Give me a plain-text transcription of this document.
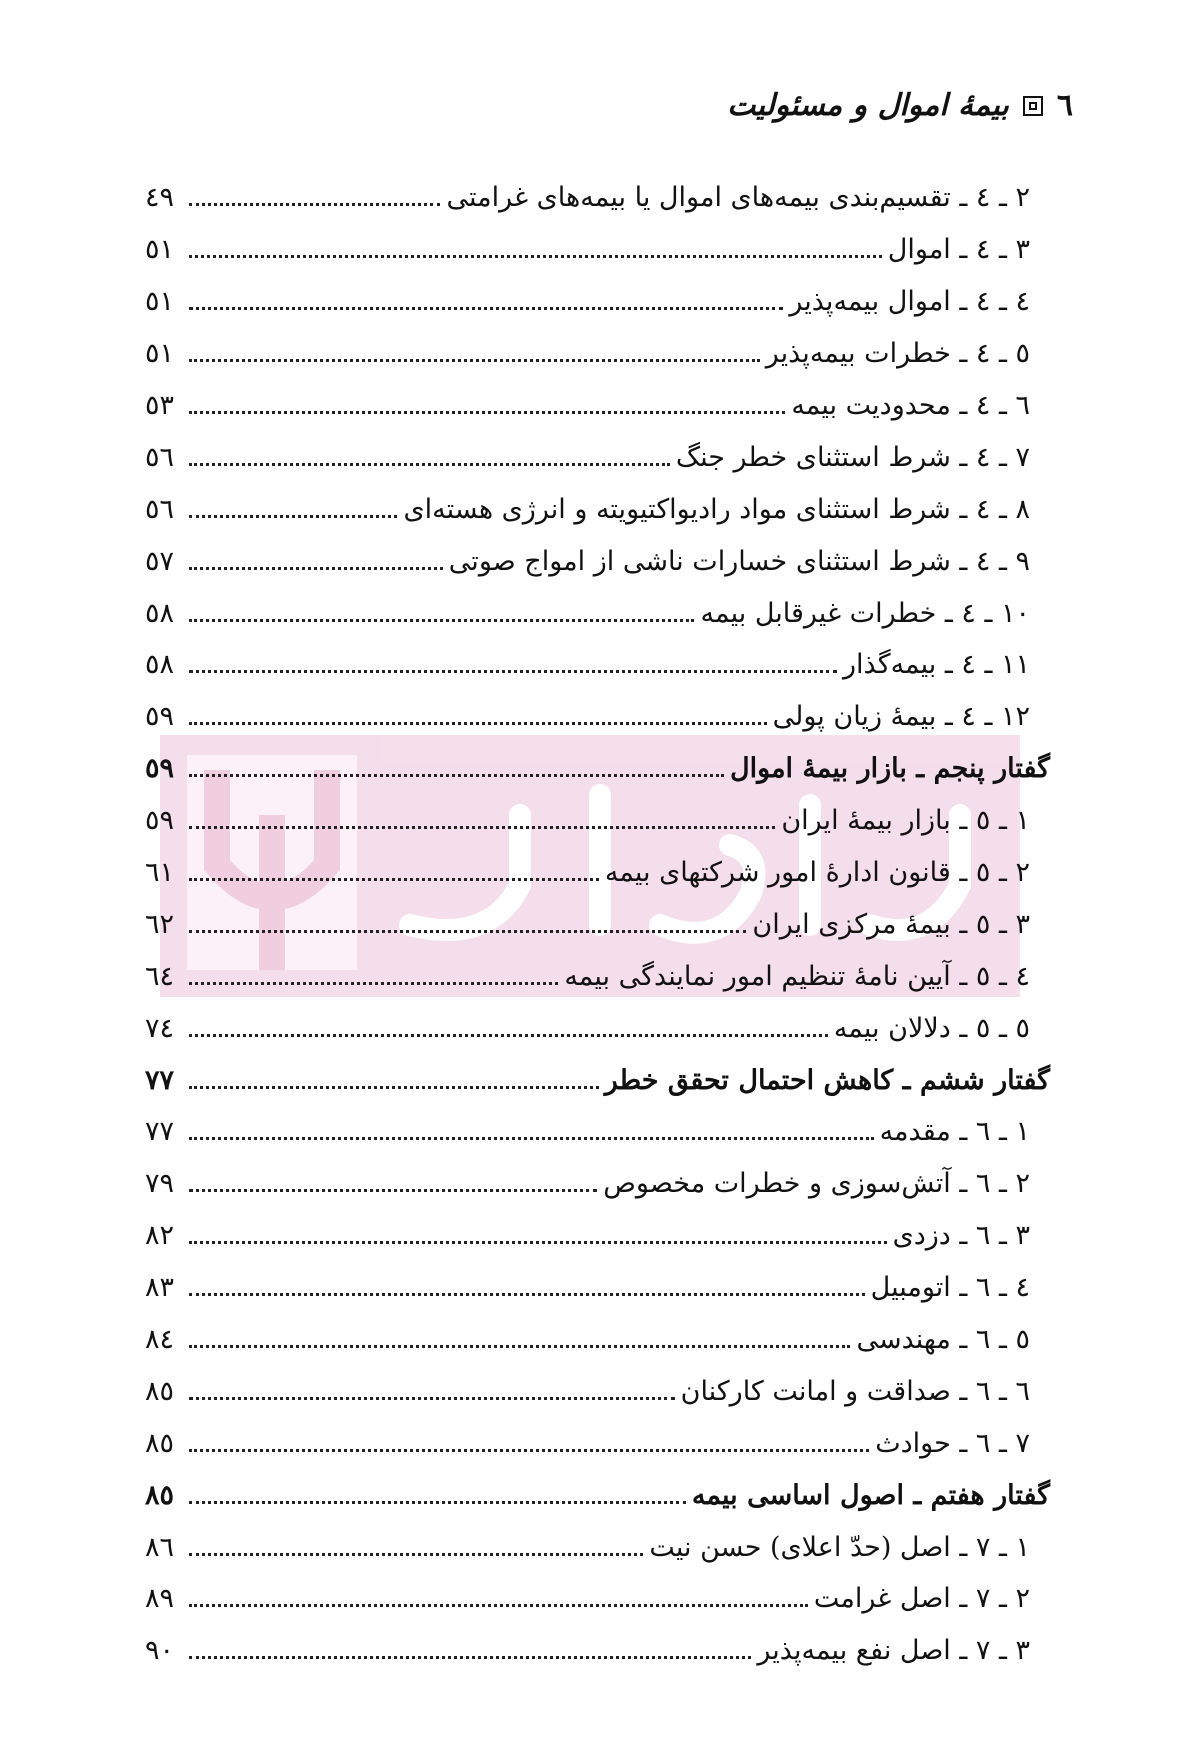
٦
بیمهٔ اموال و مسئولیت
۲ ـ ٤ ـ تقسیم‌بندی بیمه‌های اموال یا بیمه‌های غرامتی
٤٩
۳ ـ ٤ ـ اموال
٥١
٤ ـ ٤ ـ اموال بیمه‌پذیر
٥١
٥ ـ ٤ ـ خطرات بیمه‌پذیر
٥١
٦ ـ ٤ ـ محدودیت بیمه
٥۳
۷ ـ ٤ ـ شرط استثنای خطر جنگ
٥٦
۸ ـ ٤ ـ شرط استثنای مواد رادیواکتیویته و انرژی هسته‌ای
٥٦
۹ ـ ٤ ـ شرط استثنای خسارات ناشی از امواج صوتی
٥۷
۱۰ ـ ٤ ـ خطرات غیرقابل بیمه
٥۸
۱۱ ـ ٤ ـ بیمه‌گذار
٥۸
۱۲ ـ ٤ ـ بیمهٔ زیان پولی
٥۹
گفتار پنجم ـ بازار بیمهٔ اموال
٥۹
۱ ـ ٥ ـ بازار بیمهٔ ایران
٥۹
۲ ـ ٥ ـ قانون ادارهٔ امور شرکتهای بیمه
٦۱
۳ ـ ٥ ـ بیمهٔ مرکزی ایران
٦۲
٤ ـ ٥ ـ آیین نامهٔ تنظیم امور نمایندگی بیمه
٦٤
٥ ـ ٥ ـ دلالان بیمه
۷٤
گفتار ششم ـ کاهش احتمال تحقق خطر
۷۷
۱ ـ ٦ ـ مقدمه
۷۷
۲ ـ ٦ ـ آتش‌سوزی و خطرات مخصوص
۷۹
۳ ـ ٦ ـ دزدی
۸۲
٤ ـ ٦ ـ اتومبیل
۸۳
٥ ـ ٦ ـ مهندسی
۸٤
٦ ـ ٦ ـ صداقت و امانت کارکنان
۸٥
۷ ـ ٦ ـ حوادث
۸٥
گفتار هفتم ـ اصول اساسی بیمه
۸٥
۱ ـ ۷ ـ اصل (حدّ اعلای) حسن نیت
۸٦
۲ ـ ۷ ـ اصل غرامت
۸۹
۳ ـ ۷ ـ اصل نفع بیمه‌پذیر
۹۰
